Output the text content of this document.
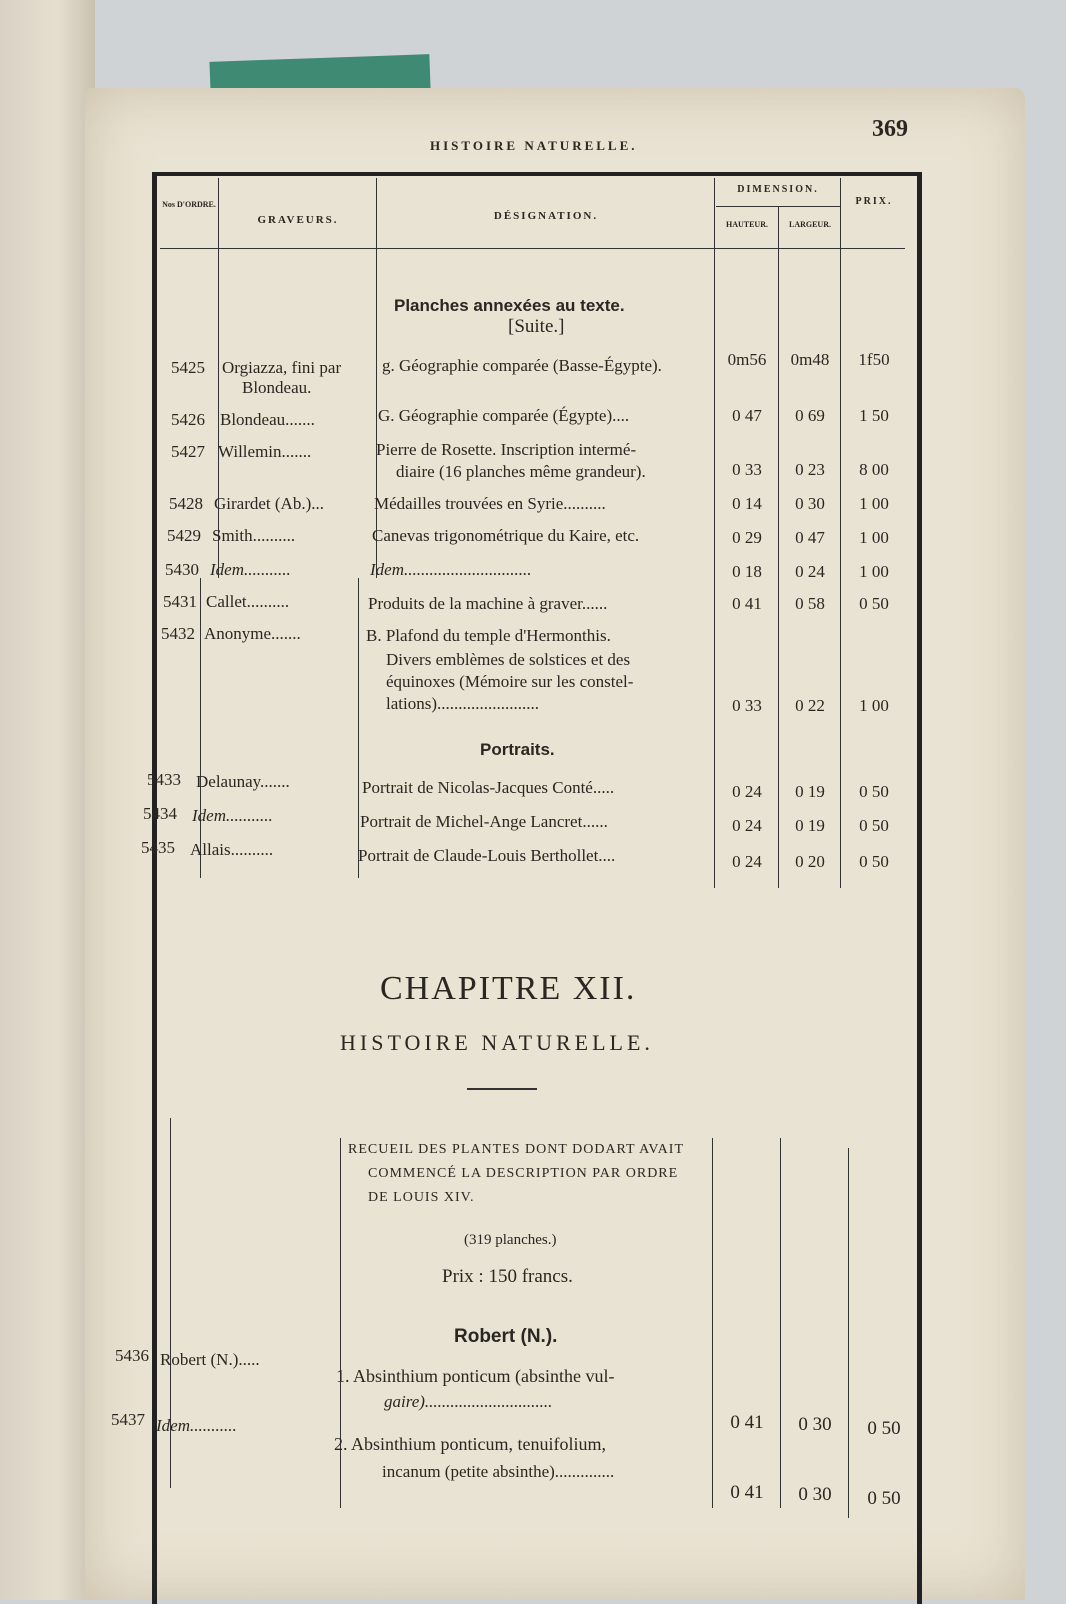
HISTOIRE NATURELLE.
369
Nos D'ORDRE.
GRAVEURS.	DÉSIGNATION.
DIMENSION.
HAUTEUR.	LARGEUR.
PRIX.
Planches annexées au texte.
[Suite.]
5425 Orgiazza, fini par
Blondeau.
g. Géographie comparée (Basse-Égypte).	0m56	0m48	1f50
5426 Blondeau.......	G. Géographie comparée (Égypte)....	0 47	0 69	1 50
5427 Willemin.......	Pierre de Rosette. Inscription intermé-
diaire (16 planches même grandeur).	0 33	0 23	8 00
5428 Girardet (Ab.)...	Médailles trouvées en Syrie..........	0 14	0 30	1 00
5429 Smith..........	Canevas trigonométrique du Kaire, etc.	0 29	0 47	1 00
5430 Idem...........	Idem..............................	0 18	0 24	1 00
5431 Callet..........	Produits de la machine à graver......	0 41	0 58	0 50
5432 Anonyme.......	B. Plafond du temple d'Hermonthis.
Divers emblèmes de solstices et des
équinoxes (Mémoire sur les constel-
lations)........................	0 33	0 22	1 00
Portraits.
5433 Delaunay.......	Portrait de Nicolas-Jacques Conté.....	0 24	0 19	0 50
5434 Idem...........	Portrait de Michel-Ange Lancret......	0 24	0 19	0 50
5435 Allais..........	Portrait de Claude-Louis Berthollet....	0 24	0 20	0 50
CHAPITRE XII.
HISTOIRE NATURELLE.
RECUEIL DES PLANTES DONT DODART AVAIT
COMMENCÉ LA DESCRIPTION PAR ORDRE
DE LOUIS XIV.
(319 planches.)
Prix : 150 francs.
Robert (N.).
5436 Robert (N.).....
1. Absinthium ponticum (absinthe vul-
gaire)..............................
0 41	0 30	0 50
5437 Idem...........
2. Absinthium ponticum, tenuifolium,
incanum (petite absinthe)..............
0 41	0 30	0 50
